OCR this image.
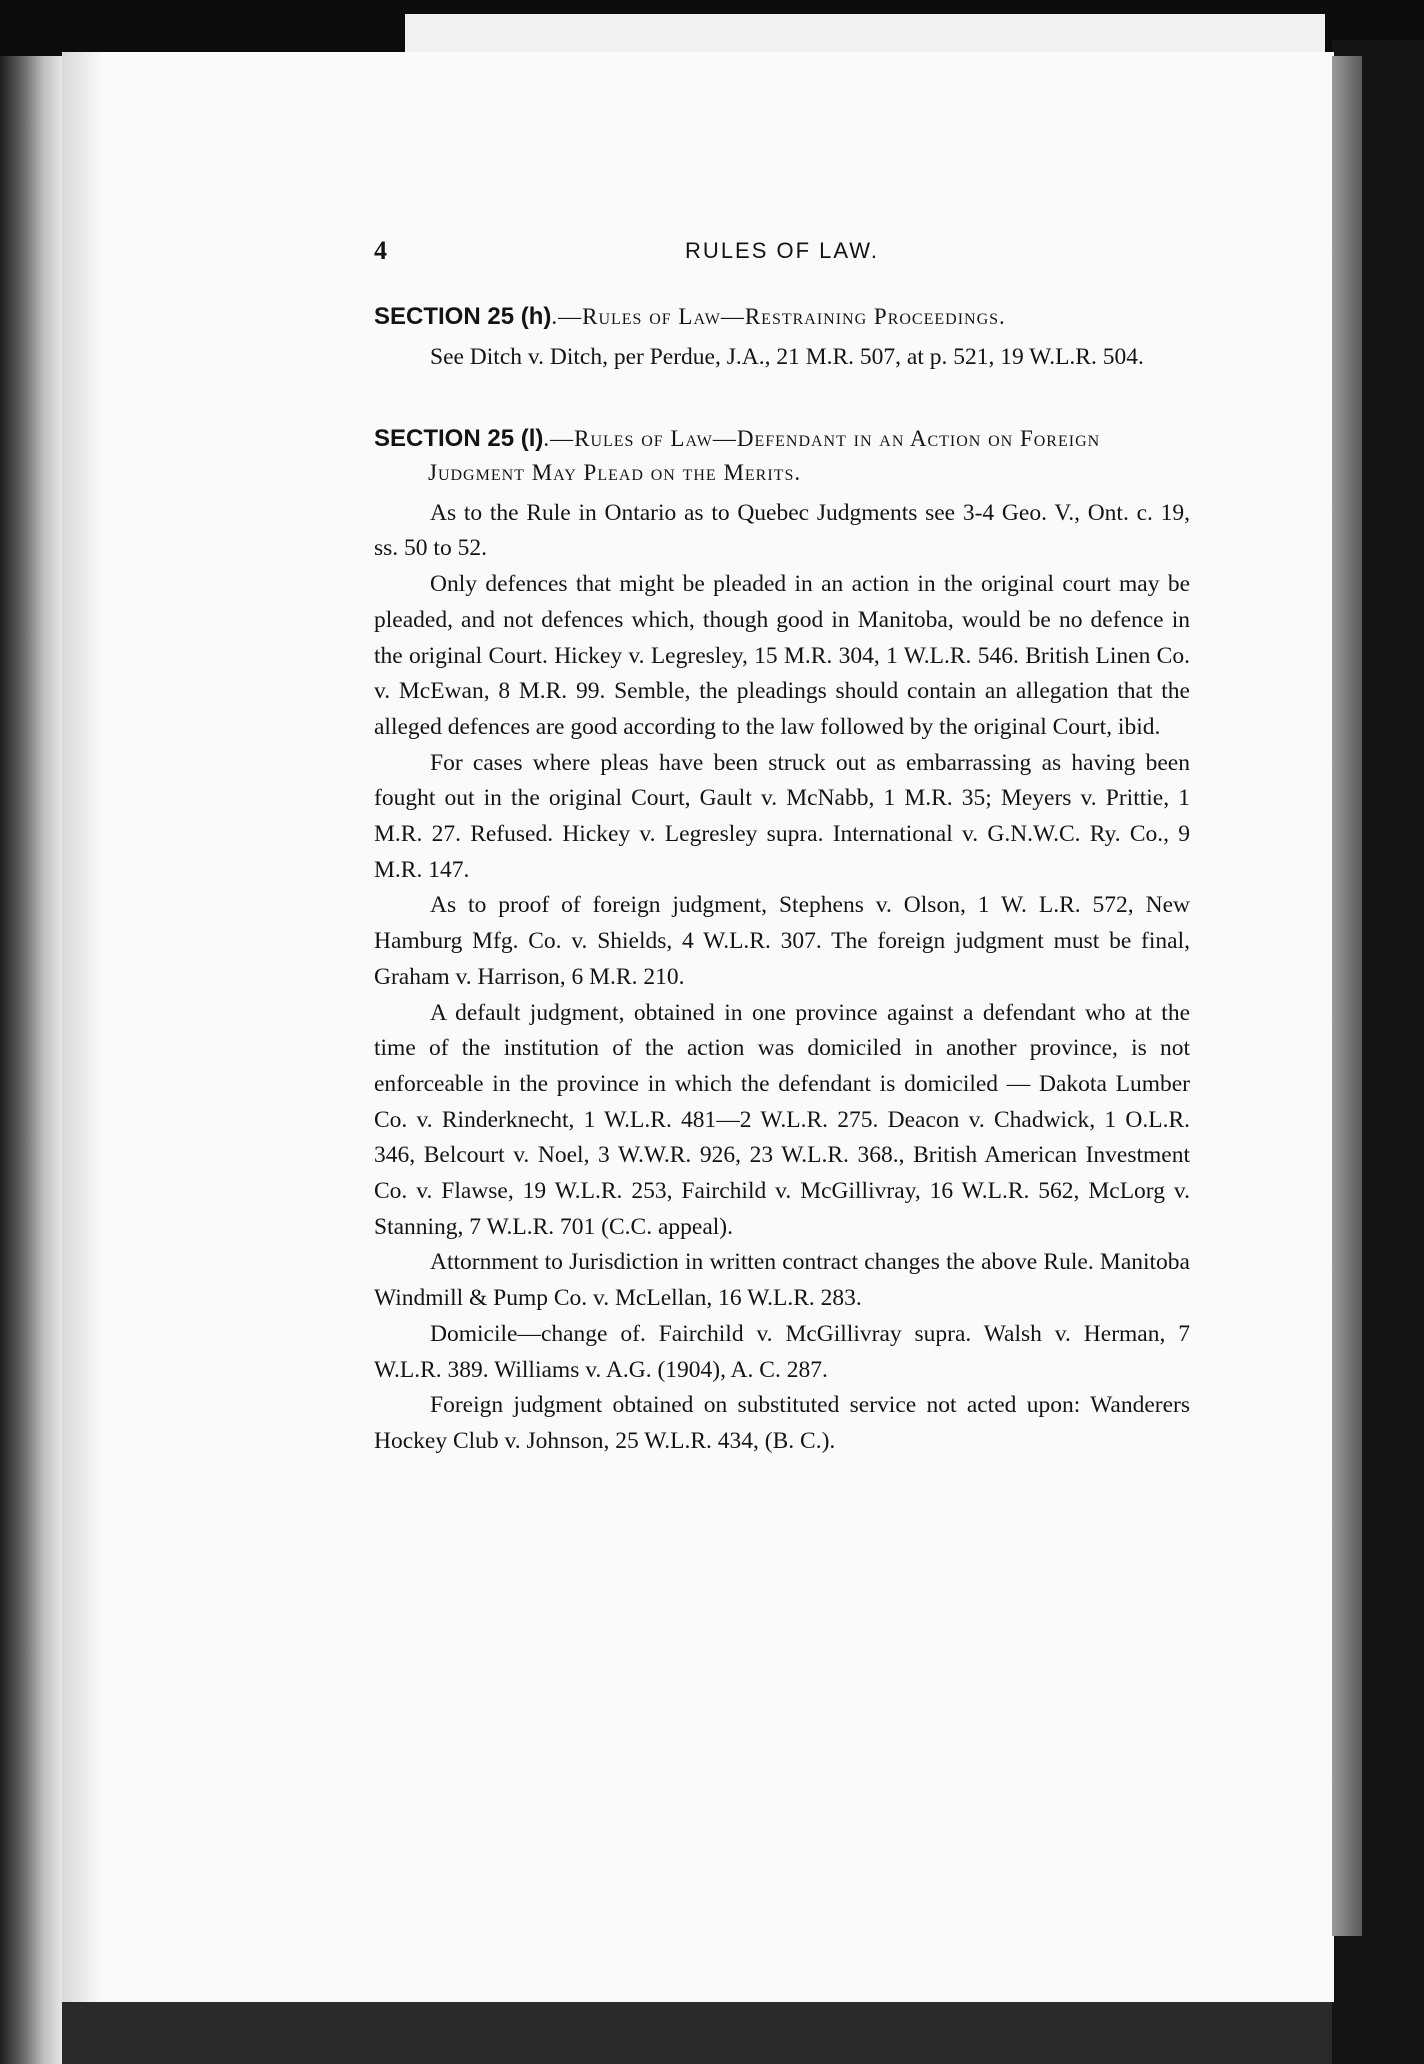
4	RULES OF LAW.
SECTION 25 (h).—Rules of Law—Restraining Proceedings.

See Ditch v. Ditch, per Perdue, J.A., 21 M.R. 507, at p. 521, 19 W.L.R. 504.

SECTION 25 (l).—Rules of Law—Defendant in an Action on Foreign Judgment May Plead on the Merits.

As to the Rule in Ontario as to Quebec Judgments see 3-4 Geo. V., Ont. c. 19, ss. 50 to 52.

Only defences that might be pleaded in an action in the original court may be pleaded, and not defences which, though good in Manitoba, would be no defence in the original Court. Hickey v. Legresley, 15 M.R. 304, 1 W.L.R. 546. British Linen Co. v. McEwan, 8 M.R. 99. Semble, the pleadings should contain an allegation that the alleged defences are good according to the law followed by the original Court, ibid.

For cases where pleas have been struck out as embarrassing as having been fought out in the original Court, Gault v. McNabb, 1 M.R. 35; Meyers v. Prittie, 1 M.R. 27. Refused. Hickey v. Legresley supra. International v. G.N.W.C. Ry. Co., 9 M.R. 147.

As to proof of foreign judgment, Stephens v. Olson, 1 W. L.R. 572, New Hamburg Mfg. Co. v. Shields, 4 W.L.R. 307. The foreign judgment must be final, Graham v. Harrison, 6 M.R. 210.

A default judgment, obtained in one province against a defendant who at the time of the institution of the action was domiciled in another province, is not enforceable in the province in which the defendant is domiciled — Dakota Lumber Co. v. Rinderknecht, 1 W.L.R. 481—2 W.L.R. 275. Deacon v. Chadwick, 1 O.L.R. 346, Belcourt v. Noel, 3 W.W.R. 926, 23 W.L.R. 368., British American Investment Co. v. Flawse, 19 W.L.R. 253, Fairchild v. McGillivray, 16 W.L.R. 562, McLorg v. Stanning, 7 W.L.R. 701 (C.C. appeal).

Attornment to Jurisdiction in written contract changes the above Rule. Manitoba Windmill & Pump Co. v. McLellan, 16 W.L.R. 283.

Domicile—change of. Fairchild v. McGillivray supra. Walsh v. Herman, 7 W.L.R. 389. Williams v. A.G. (1904), A. C. 287.

Foreign judgment obtained on substituted service not acted upon: Wanderers Hockey Club v. Johnson, 25 W.L.R. 434, (B. C.).
